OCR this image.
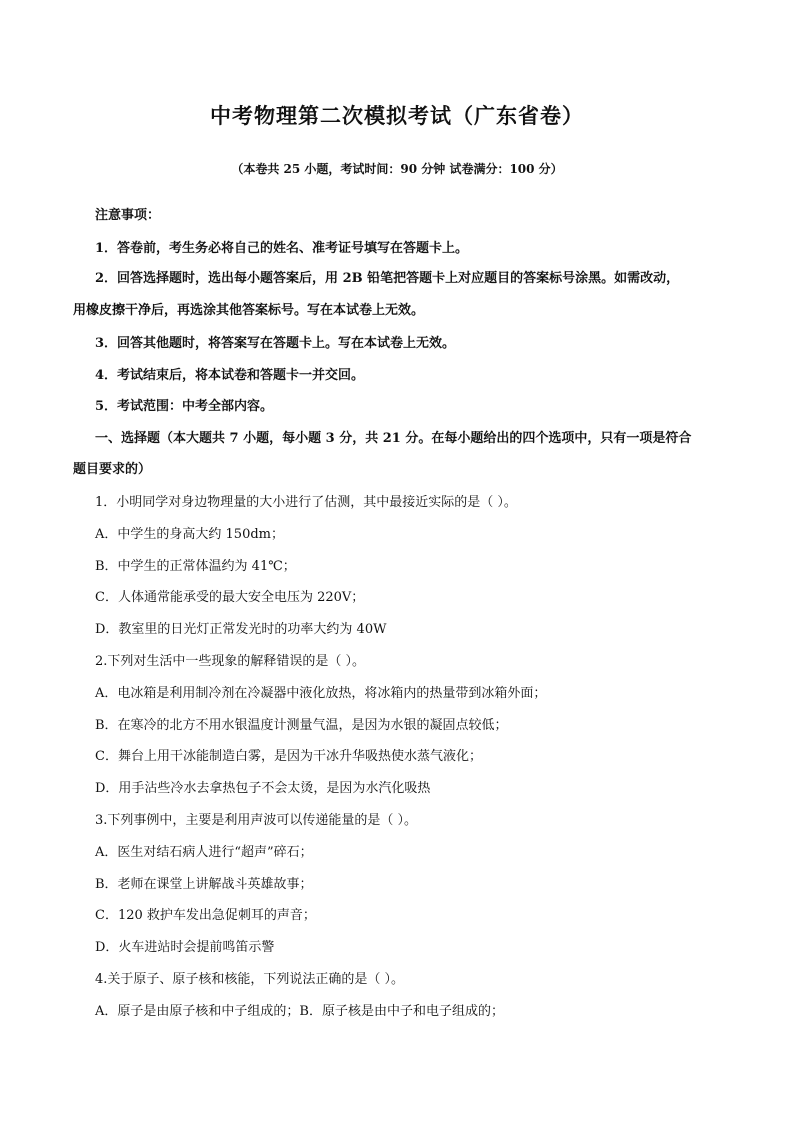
中考物理第二次模拟考试（广东省卷）
（本卷共 25 小题，考试时间：90 分钟 试卷满分：100 分）
注意事项：
1．答卷前，考生务必将自己的姓名、准考证号填写在答题卡上。
2．回答选择题时，选出每小题答案后，用 2B 铅笔把答题卡上对应题目的答案标号涂黑。如需改动，
用橡皮擦干净后，再选涂其他答案标号。写在本试卷上无效。
3．回答其他题时，将答案写在答题卡上。写在本试卷上无效。
4．考试结束后，将本试卷和答题卡一并交回。
5．考试范围：中考全部内容。
一、选择题（本大题共 7 小题，每小题 3 分，共 21 分。在每小题给出的四个选项中，只有一项是符合
题目要求的）
1．小明同学对身边物理量的大小进行了估测，其中最接近实际的是（ ）。
A．中学生的身高大约 150dm；
B．中学生的正常体温约为 41℃；
C．人体通常能承受的最大安全电压为 220V；
D．教室里的日光灯正常发光时的功率大约为 40W
2.下列对生活中一些现象的解释错误的是（ ）。
A．电冰箱是利用制冷剂在冷凝器中液化放热，将冰箱内的热量带到冰箱外面；
B．在寒冷的北方不用水银温度计测量气温，是因为水银的凝固点较低；
C．舞台上用干冰能制造白雾，是因为干冰升华吸热使水蒸气液化；
D．用手沾些冷水去拿热包子不会太烫，是因为水汽化吸热
3.下列事例中，主要是利用声波可以传递能量的是（ ）。
A．医生对结石病人进行“超声”碎石；
B．老师在课堂上讲解战斗英雄故事；
C．120 救护车发出急促刺耳的声音；
D．火车进站时会提前鸣笛示警
4.关于原子、原子核和核能，下列说法正确的是（ ）。
A．原子是由原子核和中子组成的；B．原子核是由中子和电子组成的；
